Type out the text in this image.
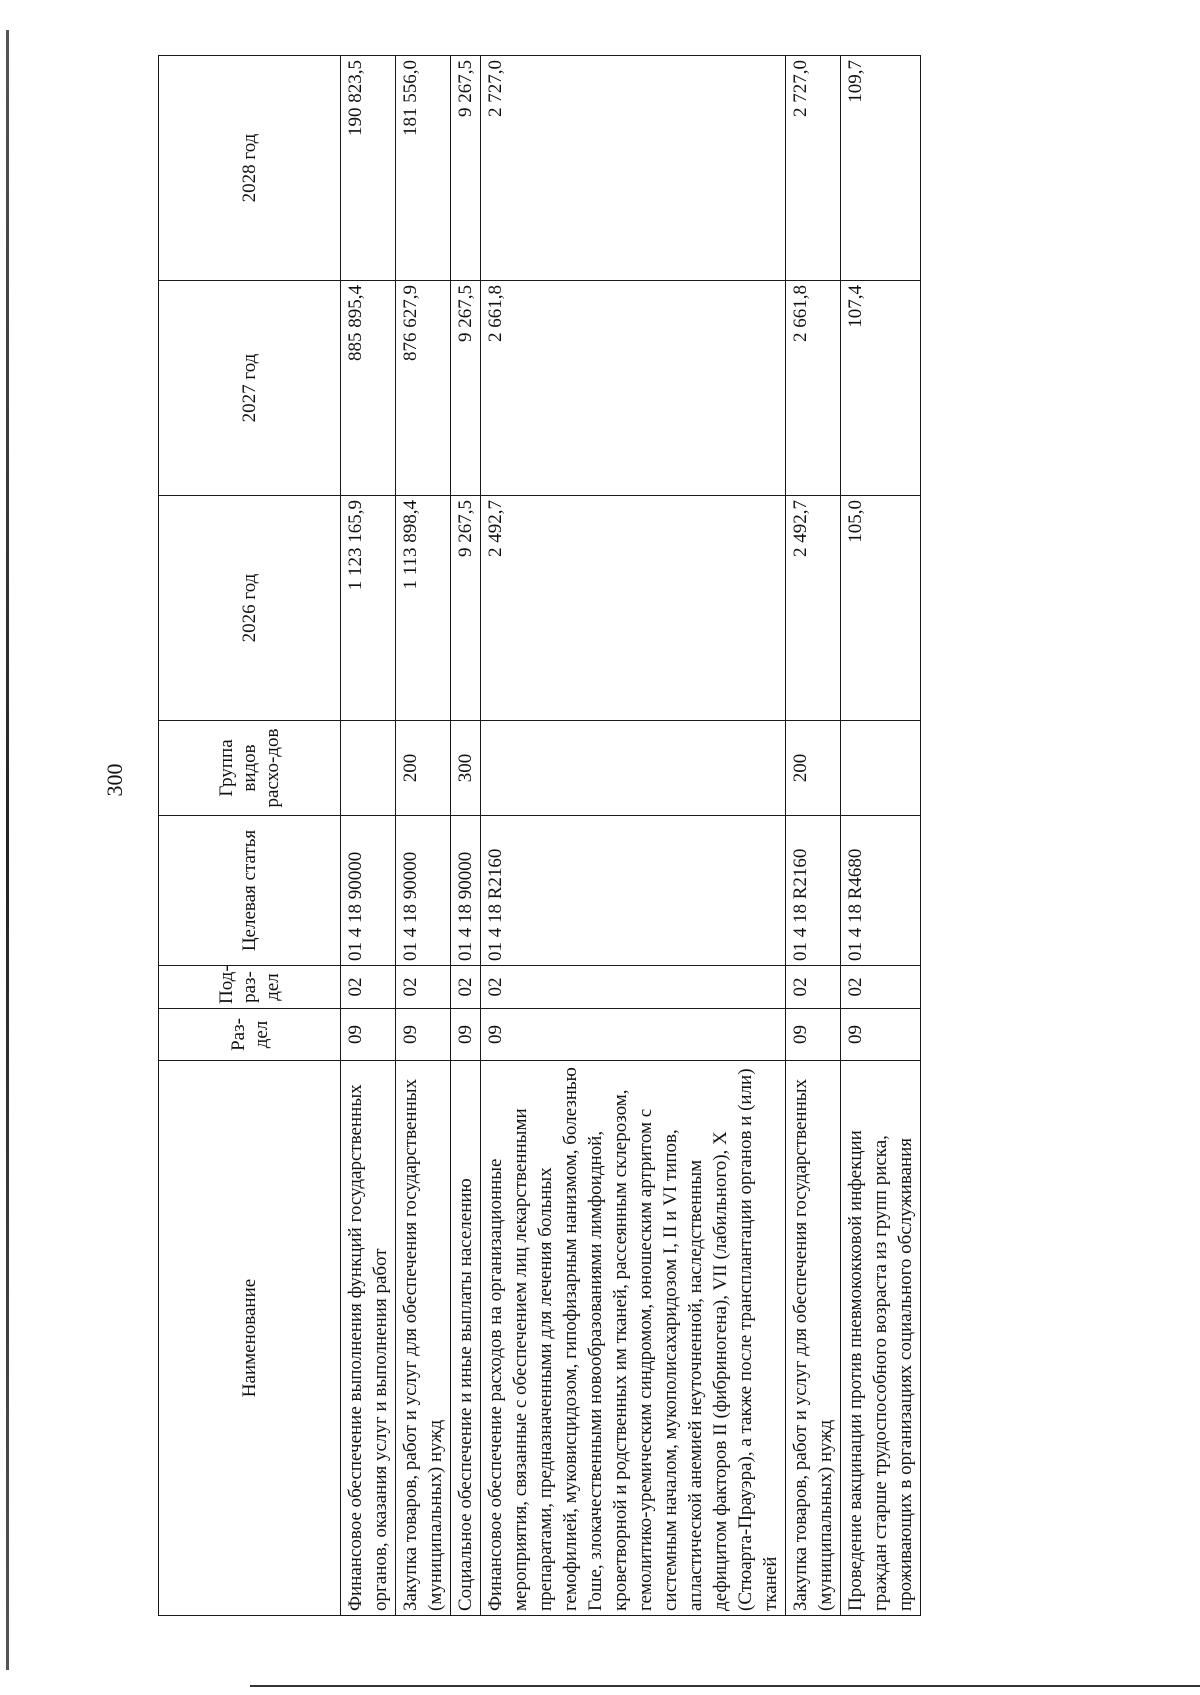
300
Наименование	Раз-дел	Под-раз-дел	Целевая статья	Группа видов расхо-дов	2026 год	2027 год	2028 год
Финансовое обеспечение выполнения функций государственных органов, оказания услуг и выполнения работ	09	02	01 4 18 90000		1 123 165,9	885 895,4	190 823,5
Закупка товаров, работ и услуг для обеспечения государственных (муниципальных) нужд	09	02	01 4 18 90000	200	1 113 898,4	876 627,9	181 556,0
Социальное обеспечение и иные выплаты населению	09	02	01 4 18 90000	300	9 267,5	9 267,5	9 267,5
Финансовое обеспечение расходов на организационные мероприятия, связанные с обеспечением лиц лекарственными препаратами, предназначенными для лечения больных гемофилией, муковисцидозом, гипофизарным нанизмом, болезнью Гоше, злокачественными новообразованиями лимфоидной, кроветворной и родственных им тканей, рассеянным склерозом, гемолитико-уремическим синдромом, юношеским артритом с системным началом, мукополисахаридозом I, II и VI типов, апластической анемией неуточненной, наследственным дефицитом факторов II (фибриногена), VII (лабильного), X (Стюарта-Прауэра), а также после трансплантации органов и (или) тканей	09	02	01 4 18 R2160		2 492,7	2 661,8	2 727,0
Закупка товаров, работ и услуг для обеспечения государственных (муниципальных) нужд	09	02	01 4 18 R2160	200	2 492,7	2 661,8	2 727,0
Проведение вакцинации против пневмококковой инфекции граждан старше трудоспособного возраста из групп риска, проживающих в организациях социального обслуживания	09	02	01 4 18 R4680		105,0	107,4	109,7
